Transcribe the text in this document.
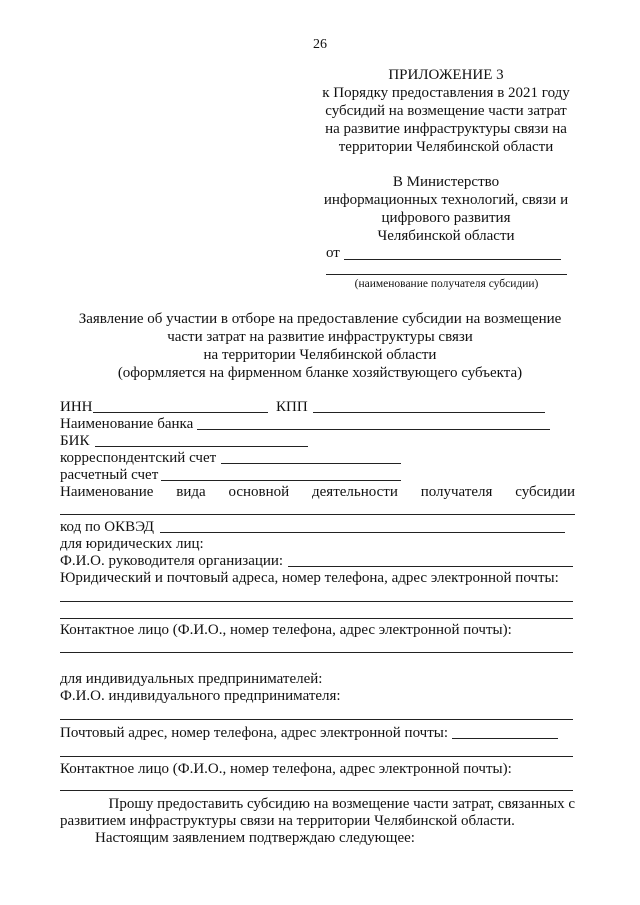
26
ПРИЛОЖЕНИЕ 3
к Порядку предоставления в 2021 году
субсидий на возмещение части затрат
на развитие инфраструктуры связи на
территории Челябинской области
В Министерство
информационных технологий, связи и
цифрового развития
Челябинской области
от
(наименование получателя субсидии)
Заявление об участии в отборе на предоставление субсидии на возмещение
части затрат на развитие инфраструктуры связи
на территории Челябинской области
(оформляется на фирменном бланке хозяйствующего субъекта)
ИНН	КПП
Наименование банка
БИК
корреспондентский счет
расчетный счет
Наименование вида основной деятельности получателя субсидии
код по ОКВЭД
для юридических лиц:
Ф.И.О. руководителя организации:
Юридический и почтовый адреса, номер телефона, адрес электронной почты:
Контактное лицо (Ф.И.О., номер телефона, адрес электронной почты):
для индивидуальных предпринимателей:
Ф.И.О. индивидуального предпринимателя:
Почтовый адрес, номер телефона, адрес электронной почты:
Контактное лицо (Ф.И.О., номер телефона, адрес электронной почты):
Прошу предоставить субсидию на возмещение части затрат, связанных с
развитием инфраструктуры связи на территории Челябинской области.
Настоящим заявлением подтверждаю следующее:
